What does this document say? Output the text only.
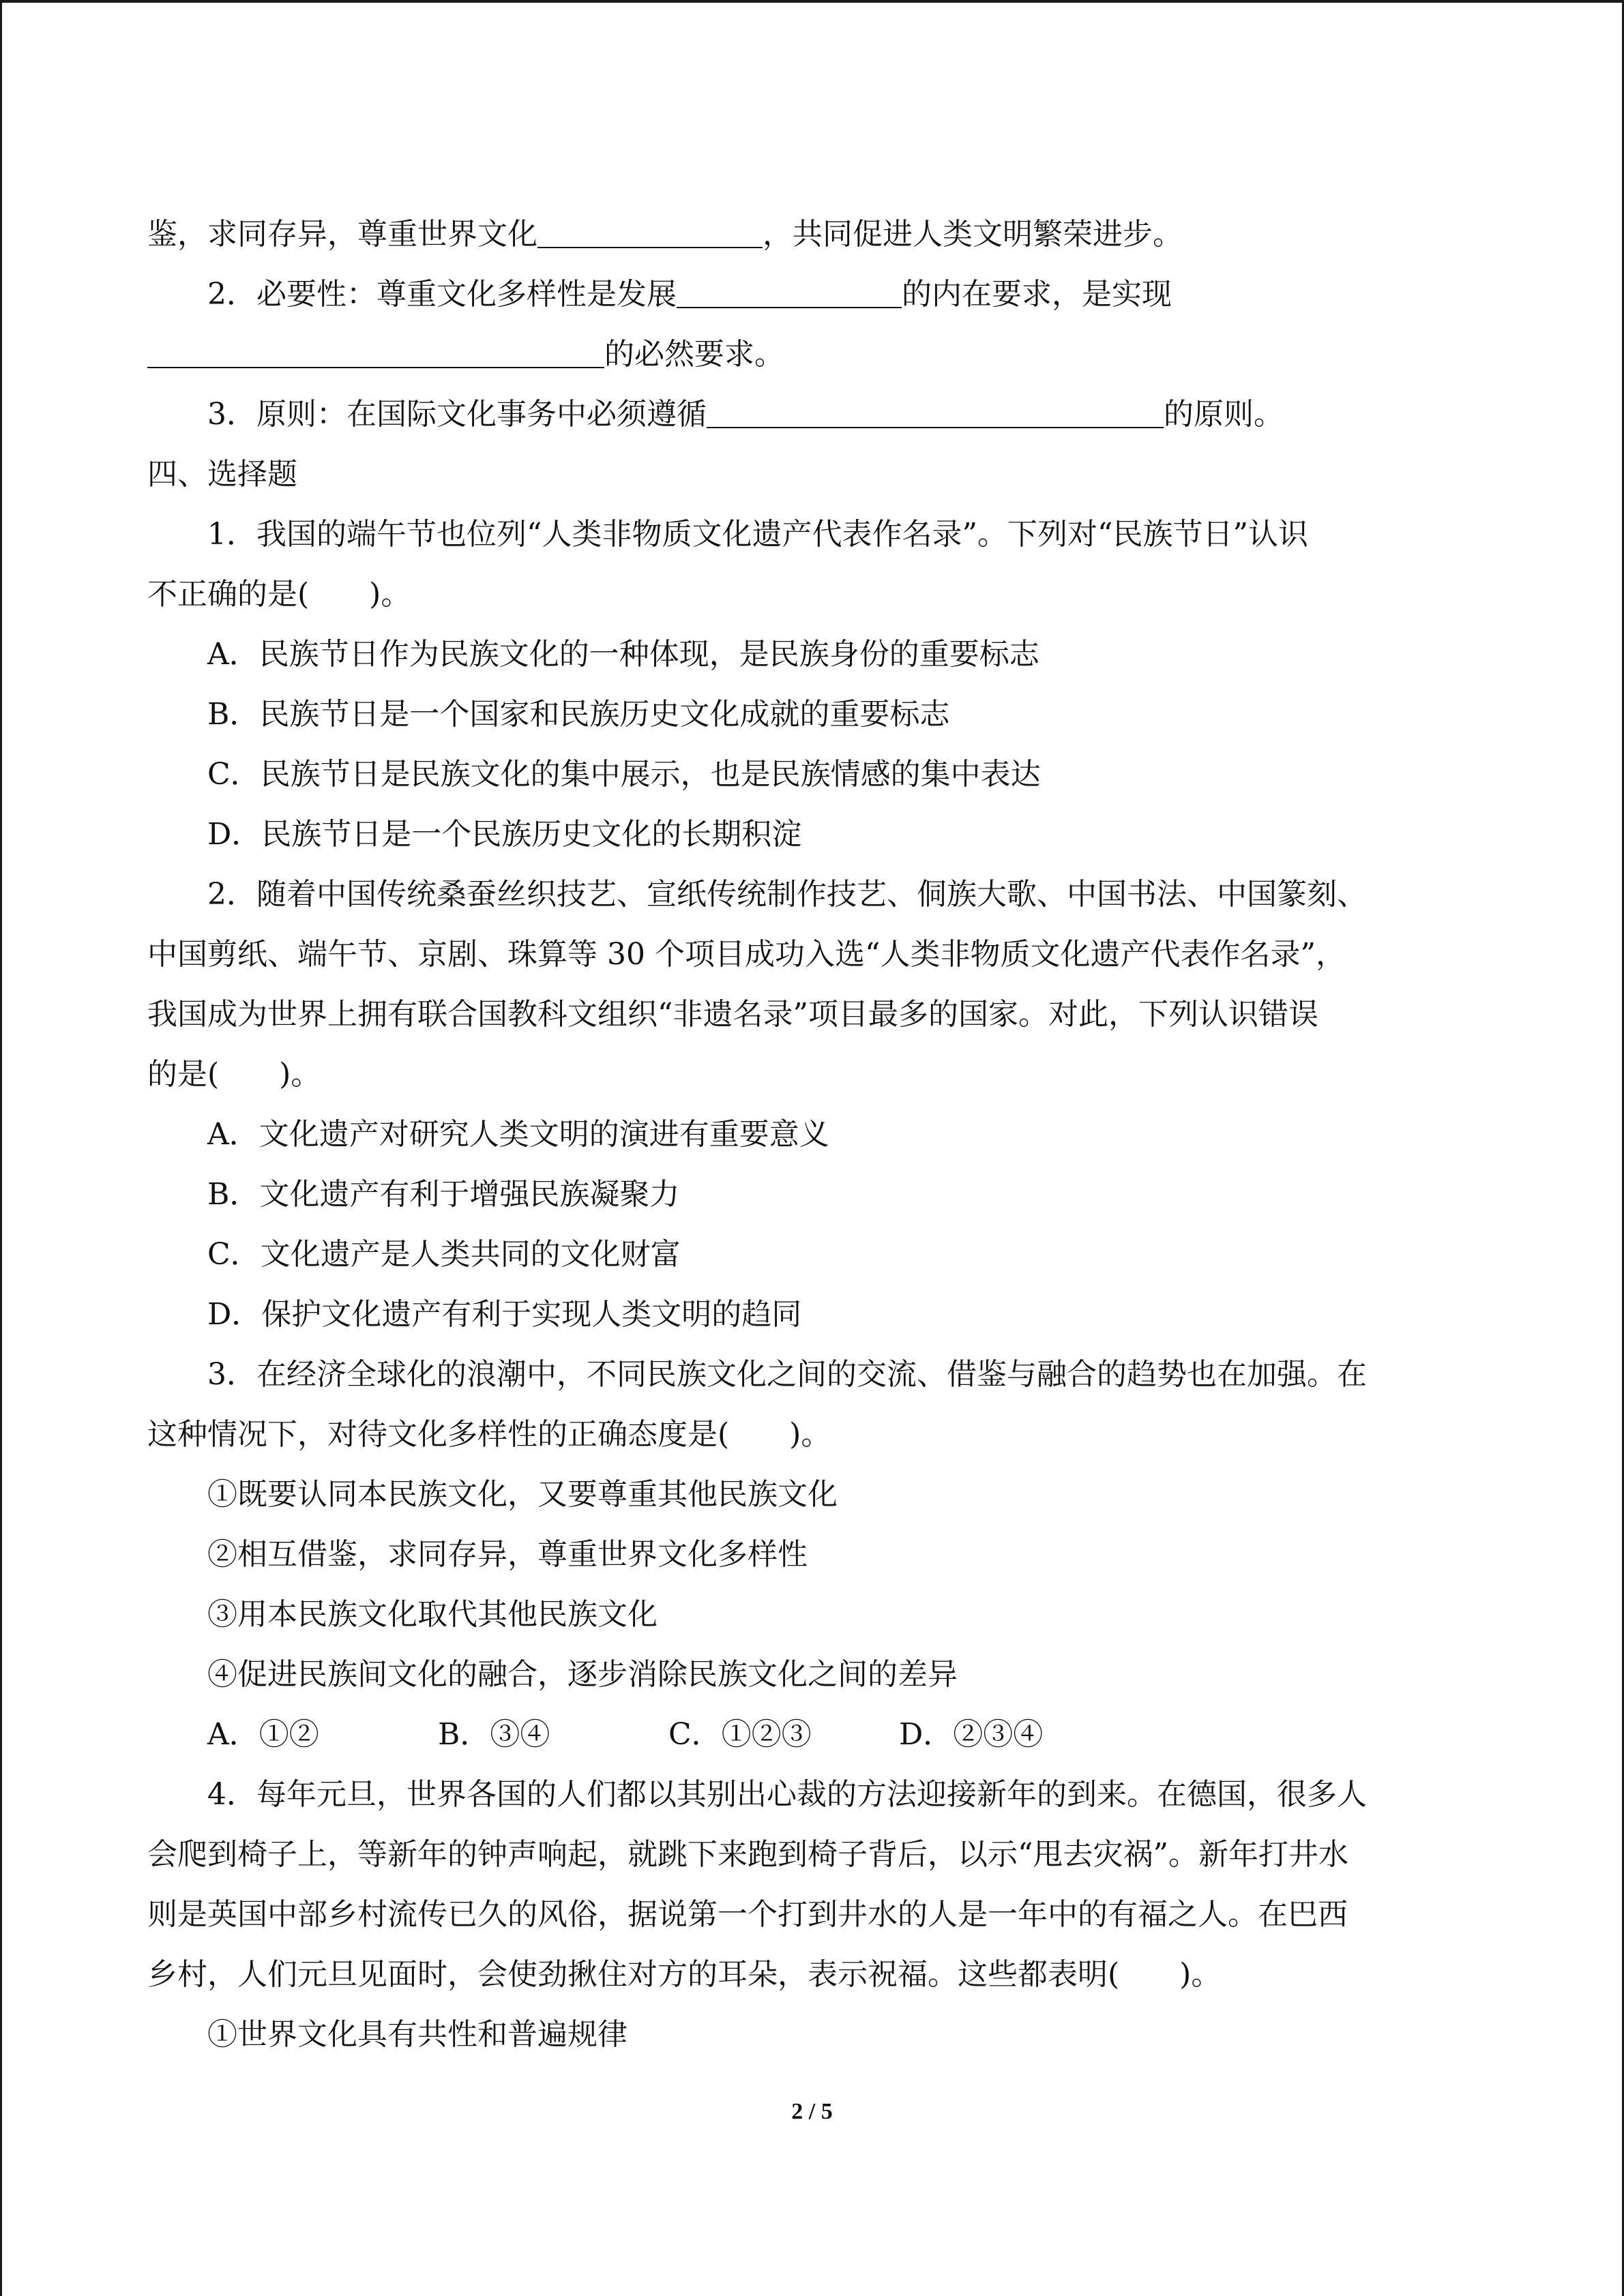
鉴，求同存异，尊重世界文化	，共同促进人类文明繁荣进步。
2．必要性：尊重文化多样性是发展	的内在要求，是实现
的必然要求。
3．原则：在国际文化事务中必须遵循	的原则。
四、选择题
1．我国的端午节也位列“人类非物质文化遗产代表作名录”。下列对“民族节日”认识
不正确的是(　　)。
A．民族节日作为民族文化的一种体现，是民族身份的重要标志
B．民族节日是一个国家和民族历史文化成就的重要标志
C．民族节日是民族文化的集中展示，也是民族情感的集中表达
D．民族节日是一个民族历史文化的长期积淀
2．随着中国传统桑蚕丝织技艺、宣纸传统制作技艺、侗族大歌、中国书法、中国篆刻、
中国剪纸、端午节、京剧、珠算等 30 个项目成功入选“人类非物质文化遗产代表作名录”，
我国成为世界上拥有联合国教科文组织“非遗名录”项目最多的国家。对此，下列认识错误
的是(　　)。
A．文化遗产对研究人类文明的演进有重要意义
B．文化遗产有利于增强民族凝聚力
C．文化遗产是人类共同的文化财富
D．保护文化遗产有利于实现人类文明的趋同
3．在经济全球化的浪潮中，不同民族文化之间的交流、借鉴与融合的趋势也在加强。在
这种情况下，对待文化多样性的正确态度是(　　)。
①既要认同本民族文化，又要尊重其他民族文化
②相互借鉴，求同存异，尊重世界文化多样性
③用本民族文化取代其他民族文化
④促进民族间文化的融合，逐步消除民族文化之间的差异
A．①②	B．③④	C．①②③	D．②③④
4．每年元旦，世界各国的人们都以其别出心裁的方法迎接新年的到来。在德国，很多人
会爬到椅子上，等新年的钟声响起，就跳下来跑到椅子背后，以示“甩去灾祸”。新年打井水
则是英国中部乡村流传已久的风俗，据说第一个打到井水的人是一年中的有福之人。在巴西
乡村，人们元旦见面时，会使劲揪住对方的耳朵，表示祝福。这些都表明(　　)。
①世界文化具有共性和普遍规律
2 / 5
